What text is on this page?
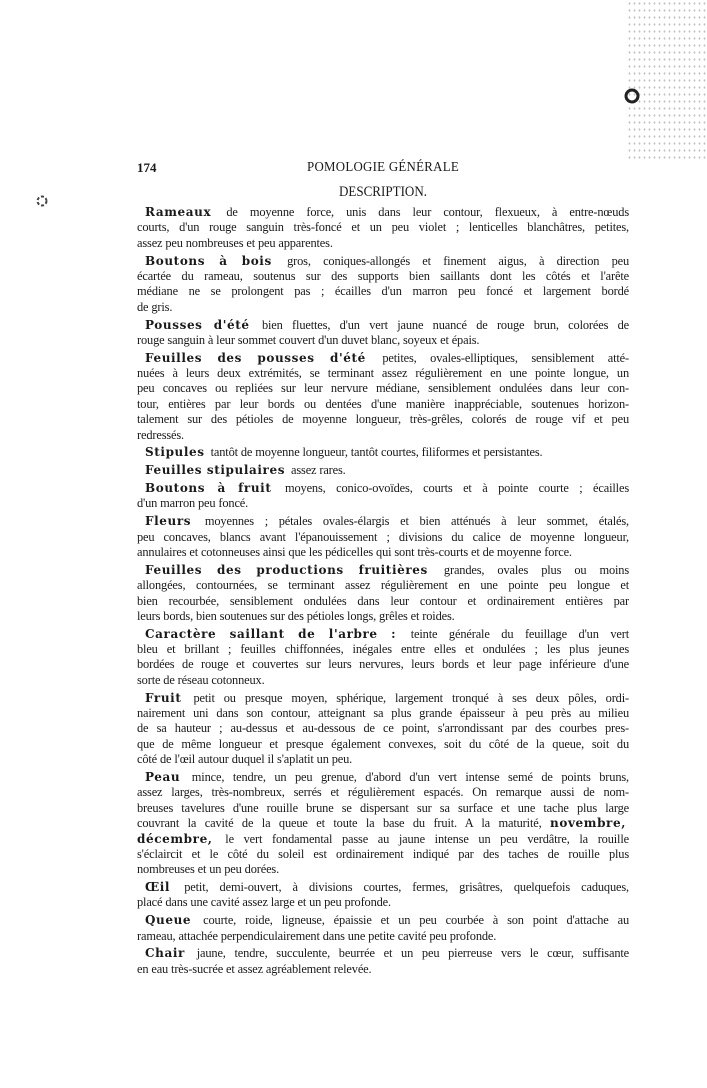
174	POMOLOGIE GÉNÉRALE
DESCRIPTION.
Rameaux de moyenne force, unis dans leur contour, flexueux, à entre-nœuds
courts, d'un rouge sanguin très-foncé et un peu violet ; lenticelles blanchâtres, petites,
assez peu nombreuses et peu apparentes.
Boutons à bois gros, coniques-allongés et finement aigus, à direction peu
écartée du rameau, soutenus sur des supports bien saillants dont les côtés et l'arête
médiane ne se prolongent pas ; écailles d'un marron peu foncé et largement bordé
de gris.
Pousses d'été bien fluettes, d'un vert jaune nuancé de rouge brun, colorées de
rouge sanguin à leur sommet couvert d'un duvet blanc, soyeux et épais.
Feuilles des pousses d'été petites, ovales-elliptiques, sensiblement atté-
nuées à leurs deux extrémités, se terminant assez régulièrement en une pointe longue, un
peu concaves ou repliées sur leur nervure médiane, sensiblement ondulées dans leur con-
tour, entières par leur bords ou dentées d'une manière inappréciable, soutenues horizon-
talement sur des pétioles de moyenne longueur, très-grêles, colorés de rouge vif et peu
redressés.
Stipules tantôt de moyenne longueur, tantôt courtes, filiformes et persistantes.
Feuilles stipulaires assez rares.
Boutons à fruit moyens, conico-ovoïdes, courts et à pointe courte ; écailles
d'un marron peu foncé.
Fleurs moyennes ; pétales ovales-élargis et bien atténués à leur sommet, étalés,
peu concaves, blancs avant l'épanouissement ; divisions du calice de moyenne longueur,
annulaires et cotonneuses ainsi que les pédicelles qui sont très-courts et de moyenne force.
Feuilles des productions fruitières grandes, ovales plus ou moins
allongées, contournées, se terminant assez régulièrement en une pointe peu longue et
bien recourbée, sensiblement ondulées dans leur contour et ordinairement entières par
leurs bords, bien soutenues sur des pétioles longs, grêles et roides.
Caractère saillant de l'arbre : teinte générale du feuillage d'un vert
bleu et brillant ; feuilles chiffonnées, inégales entre elles et ondulées ; les plus jeunes
bordées de rouge et couvertes sur leurs nervures, leurs bords et leur page inférieure d'une
sorte de réseau cotonneux.
Fruit petit ou presque moyen, sphérique, largement tronqué à ses deux pôles, ordi-
nairement uni dans son contour, atteignant sa plus grande épaisseur à peu près au milieu
de sa hauteur ; au-dessus et au-dessous de ce point, s'arrondissant par des courbes pres-
que de même longueur et presque également convexes, soit du côté de la queue, soit du
côté de l'œil autour duquel il s'aplatit un peu.
Peau mince, tendre, un peu grenue, d'abord d'un vert intense semé de points bruns,
assez larges, très-nombreux, serrés et régulièrement espacés. On remarque aussi de nom-
breuses tavelures d'une rouille brune se dispersant sur sa surface et une tache plus large
couvrant la cavité de la queue et toute la base du fruit. A la maturité, novembre,
décembre, le vert fondamental passe au jaune intense un peu verdâtre, la rouille
s'éclaircit et le côté du soleil est ordinairement indiqué par des taches de rouille plus
nombreuses et un peu dorées.
Œil petit, demi-ouvert, à divisions courtes, fermes, grisâtres, quelquefois caduques,
placé dans une cavité assez large et un peu profonde.
Queue courte, roide, ligneuse, épaissie et un peu courbée à son point d'attache au
rameau, attachée perpendiculairement dans une petite cavité peu profonde.
Chair jaune, tendre, succulente, beurrée et un peu pierreuse vers le cœur, suffisante
en eau très-sucrée et assez agréablement relevée.
